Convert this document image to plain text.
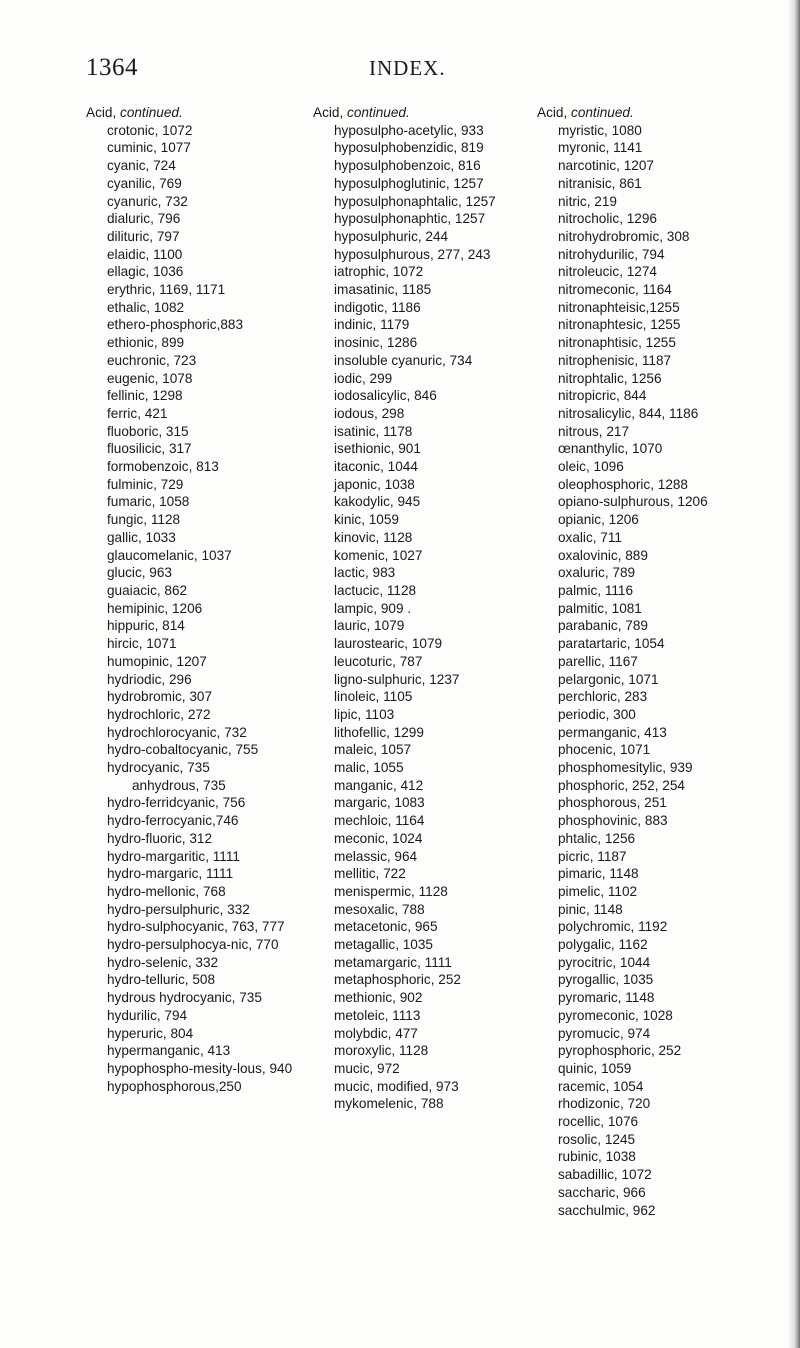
1364	INDEX.
Acid, continued.
crotonic, 1072
cuminic, 1077
cyanic, 724
cyanilic, 769
cyanuric, 732
dialuric, 796
dilituric, 797
elaidic, 1100
ellagic, 1036
erythric, 1169, 1171
ethalic, 1082
ethero-phosphoric,883
ethionic, 899
euchronic, 723
eugenic, 1078
fellinic, 1298
ferric, 421
fluoboric, 315
fluosilicic, 317
formobenzoic, 813
fulminic, 729
fumaric, 1058
fungic, 1128
gallic, 1033
glaucomelanic, 1037
glucic, 963
guaiacic, 862
hemipinic, 1206
hippuric, 814
hircic, 1071
humopinic, 1207
hydriodic, 296
hydrobromic, 307
hydrochloric, 272
hydrochlorocyanic, 732
hydro-cobaltocyanic, 755
hydrocyanic, 735
anhydrous, 735
hydro-ferridcyanic, 756
hydro-ferrocyanic,746
hydro-fluoric, 312
hydro-margaritic, 1111
hydro-margaric, 1111
hydro-mellonic, 768
hydro-persulphuric, 332
hydro-sulphocyanic, 763, 777
hydro-persulphocya-nic, 770
hydro-selenic, 332
hydro-telluric, 508
hydrous hydrocyanic, 735
hydurilic, 794
hyperuric, 804
hypermanganic, 413
hypophospho-mesity-lous, 940
hypophosphorous,250
Acid, continued.
hyposulpho-acetylic, 933
hyposulphobenzidic, 819
hyposulphobenzoic, 816
hyposulphoglutinic, 1257
hyposulphonaphtalic, 1257
hyposulphonaphtic, 1257
hyposulphuric, 244
hyposulphurous, 277, 243
iatrophic, 1072
imasatinic, 1185
indigotic, 1186
indinic, 1179
inosinic, 1286
insoluble cyanuric, 734
iodic, 299
iodosalicylic, 846
iodous, 298
isatinic, 1178
isethionic, 901
itaconic, 1044
japonic, 1038
kakodylic, 945
kinic, 1059
kinovic, 1128
komenic, 1027
lactic, 983
lactucic, 1128
lampic, 909 .
lauric, 1079
laurostearic, 1079
leucoturic, 787
ligno-sulphuric, 1237
linoleic, 1105
lipic, 1103
lithofellic, 1299
maleic, 1057
malic, 1055
manganic, 412
margaric, 1083
mechloic, 1164
meconic, 1024
melassic, 964
mellitic, 722
menispermic, 1128
mesoxalic, 788
metacetonic, 965
metagallic, 1035
metamargaric, 1111
metaphosphoric, 252
methionic, 902
metoleic, 1113
molybdic, 477
moroxylic, 1128
mucic, 972
mucic, modified, 973
mykomelenic, 788
Acid, continued.
myristic, 1080
myronic, 1141
narcotinic, 1207
nitranisic, 861
nitric, 219
nitrocholic, 1296
nitrohydrobromic, 308
nitrohydurilic, 794
nitroleucic, 1274
nitromeconic, 1164
nitronaphteisic,1255
nitronaphtesic, 1255
nitronaphtisic, 1255
nitrophenisic, 1187
nitrophtalic, 1256
nitropicric, 844
nitrosalicylic, 844, 1186
nitrous, 217
œnanthylic, 1070
oleic, 1096
oleophosphoric, 1288
opiano-sulphurous, 1206
opianic, 1206
oxalic, 711
oxalovinic, 889
oxaluric, 789
palmic, 1116
palmitic, 1081
parabanic, 789
paratartaric, 1054
parellic, 1167
pelargonic, 1071
perchloric, 283
periodic, 300
permanganic, 413
phocenic, 1071
phosphomesitylic, 939
phosphoric, 252, 254
phosphorous, 251
phosphovinic, 883
phtalic, 1256
picric, 1187
pimaric, 1148
pimelic, 1102
pinic, 1148
polychromic, 1192
polygalic, 1162
pyrocitric, 1044
pyrogallic, 1035
pyromaric, 1148
pyromeconic, 1028
pyromucic, 974
pyrophosphoric, 252
quinic, 1059
racemic, 1054
rhodizonic, 720
rocellic, 1076
rosolic, 1245
rubinic, 1038
sabadillic, 1072
saccharic, 966
sacchulmic, 962
